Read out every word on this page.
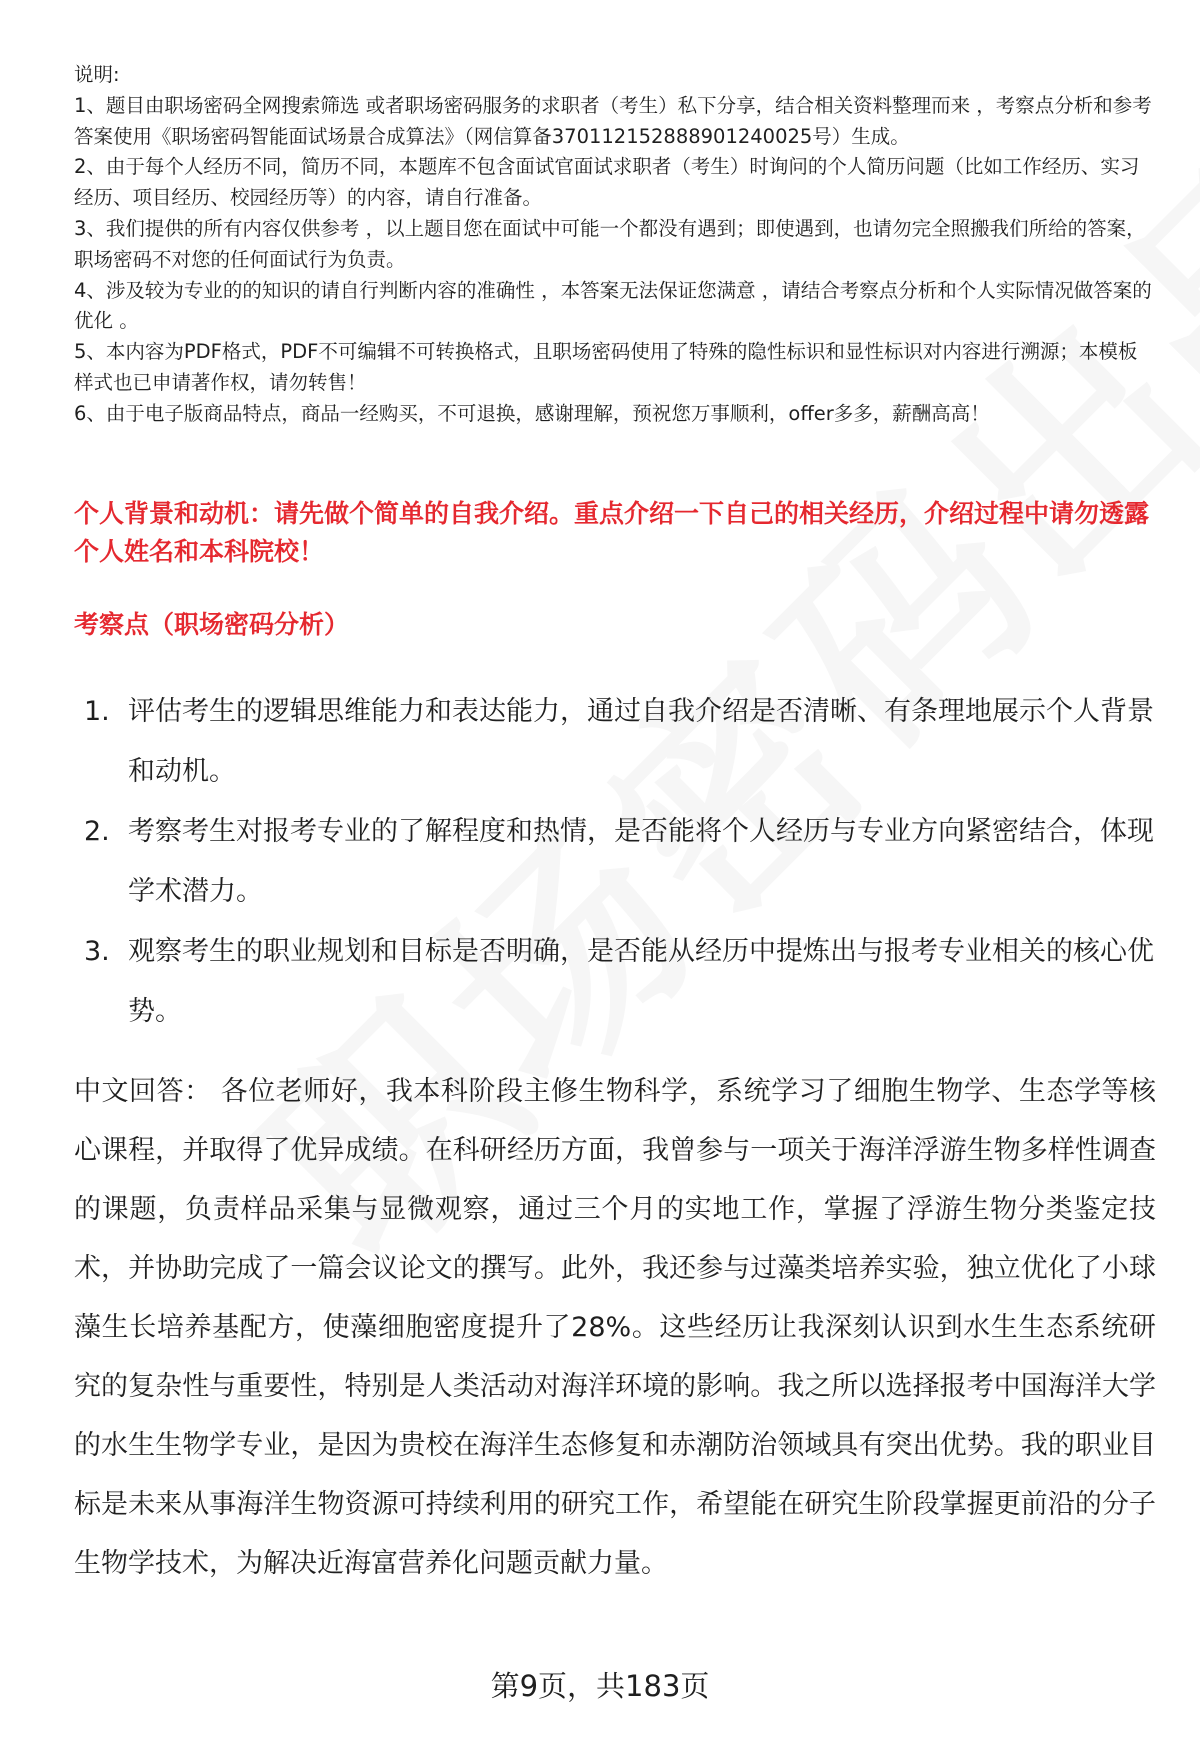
说明:

1、题目由职场密码全网搜索筛选 或者职场密码服务的求职者（考生）私下分享，结合相关资料整理而来 ，考察点分析和参考答案使用《职场密码智能面试场景合成算法》（网信算备370112152888901240025号）生成。

2、由于每个人经历不同，简历不同，本题库不包含面试官面试求职者（考生）时询问的个人简历问题（比如工作经历、实习经历、项目经历、校园经历等）的内容，请自行准备。

3、我们提供的所有内容仅供参考 ，以上题目您在面试中可能一个都没有遇到；即使遇到，也请勿完全照搬我们所给的答案，职场密码不对您的任何面试行为负责。

4、涉及较为专业的的知识的请自行判断内容的准确性 ，本答案无法保证您满意 ，请结合考察点分析和个人实际情况做答案的优化 。

5、本内容为PDF格式，PDF不可编辑不可转换格式，且职场密码使用了特殊的隐性标识和显性标识对内容进行溯源；本模板样式也已申请著作权，请勿转售！

6、由于电子版商品特点，商品一经购买，不可退换，感谢理解，预祝您万事顺利，offer多多，薪酬高高！

个人背景和动机：请先做个简单的自我介绍。重点介绍一下自己的相关经历，介绍过程中请勿透露个人姓名和本科院校！
考察点（职场密码分析）
1. 评估考生的逻辑思维能力和表达能力，通过自我介绍是否清晰、有条理地展示个人背景和动机。
2. 考察考生对报考专业的了解程度和热情，是否能将个人经历与专业方向紧密结合，体现学术潜力。
3. 观察考生的职业规划和目标是否明确，是否能从经历中提炼出与报考专业相关的核心优势。
中文回答： 各位老师好，我本科阶段主修生物科学，系统学习了细胞生物学、生态学等核心课程，并取得了优异成绩。在科研经历方面，我曾参与一项关于海洋浮游生物多样性调查的课题，负责样品采集与显微观察，通过三个月的实地工作，掌握了浮游生物分类鉴定技术，并协助完成了一篇会议论文的撰写。此外，我还参与过藻类培养实验，独立优化了小球藻生长培养基配方，使藻细胞密度提升了28%。这些经历让我深刻认识到水生生态系统研究的复杂性与重要性，特别是人类活动对海洋环境的影响。我之所以选择报考中国海洋大学的水生生物学专业，是因为贵校在海洋生态修复和赤潮防治领域具有突出优势。我的职业目标是未来从事海洋生物资源可持续利用的研究工作，希望能在研究生阶段掌握更前沿的分子生物学技术，为解决近海富营养化问题贡献力量。
第9页，共183页
